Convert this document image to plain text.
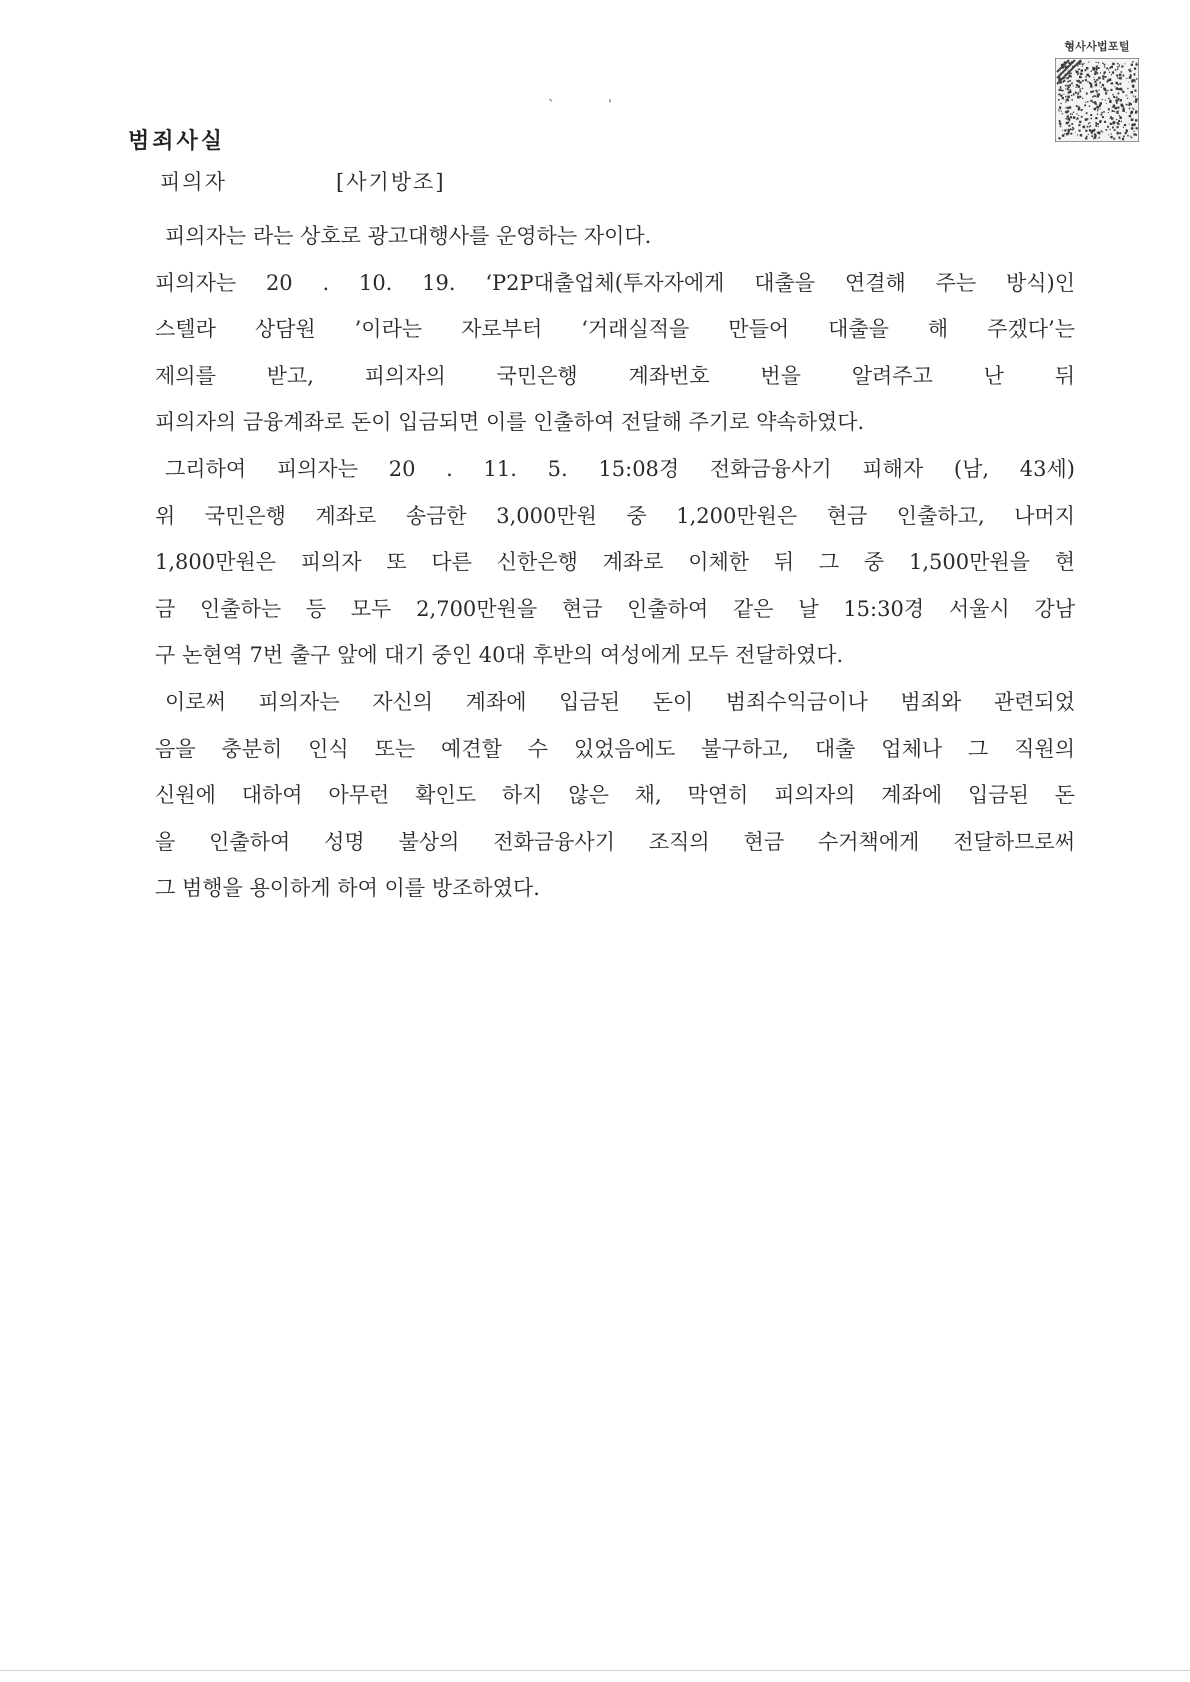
형사사법포털
ˋ	ˈ
범죄사실
피의자	[사기방조]
피의자는 라는 상호로 광고대행사를 운영하는 자이다.
피의자는 20 . 10. 19. ‘P2P대출업체(투자자에게 대출을 연결해 주는 방식)인
스텔라 상담원 ’이라는 자로부터 ‘거래실적을 만들어 대출을 해 주겠다’는
제의를 받고, 피의자의 국민은행 계좌번호 번을 알려주고 난 뒤
피의자의 금융계좌로 돈이 입금되면 이를 인출하여 전달해 주기로 약속하였다.
그리하여 피의자는 20 . 11. 5. 15:08경 전화금융사기 피해자 (남, 43세)
위 국민은행 계좌로 송금한 3,000만원 중 1,200만원은 현금 인출하고, 나머지
1,800만원은 피의자 또 다른 신한은행 계좌로 이체한 뒤 그 중 1,500만원을 현
금 인출하는 등 모두 2,700만원을 현금 인출하여 같은 날 15:30경 서울시 강남
구 논현역 7번 출구 앞에 대기 중인 40대 후반의 여성에게 모두 전달하였다.
이로써 피의자는 자신의 계좌에 입금된 돈이 범죄수익금이나 범죄와 관련되었
음을 충분히 인식 또는 예견할 수 있었음에도 불구하고, 대출 업체나 그 직원의
신원에 대하여 아무런 확인도 하지 않은 채, 막연히 피의자의 계좌에 입금된 돈
을 인출하여 성명 불상의 전화금융사기 조직의 현금 수거책에게 전달하므로써
그 범행을 용이하게 하여 이를 방조하였다.
